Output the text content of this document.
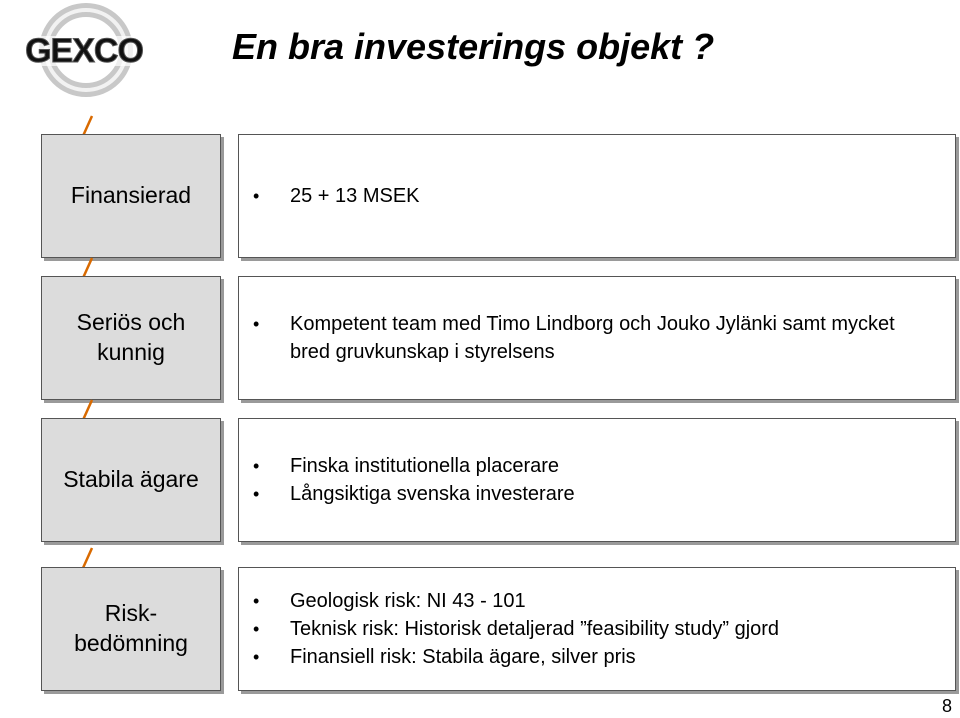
GEXCO En bra investerings objekt ?
Finansierad
•	25 + 13 MSEK
Seriös och kunnig
• Kompetent team med Timo Lindborg och Jouko Jylänki samt mycket bred gruvkunskap i styrelsens
Stabila ägare
• Finska institutionella placerare
• Långsiktiga svenska investerare
Risk-bedömning
• Geologisk risk: NI 43 - 101
• Teknisk risk: Historisk detaljerad ”feasibility study” gjord
• Finansiell risk: Stabila ägare, silver pris
8
